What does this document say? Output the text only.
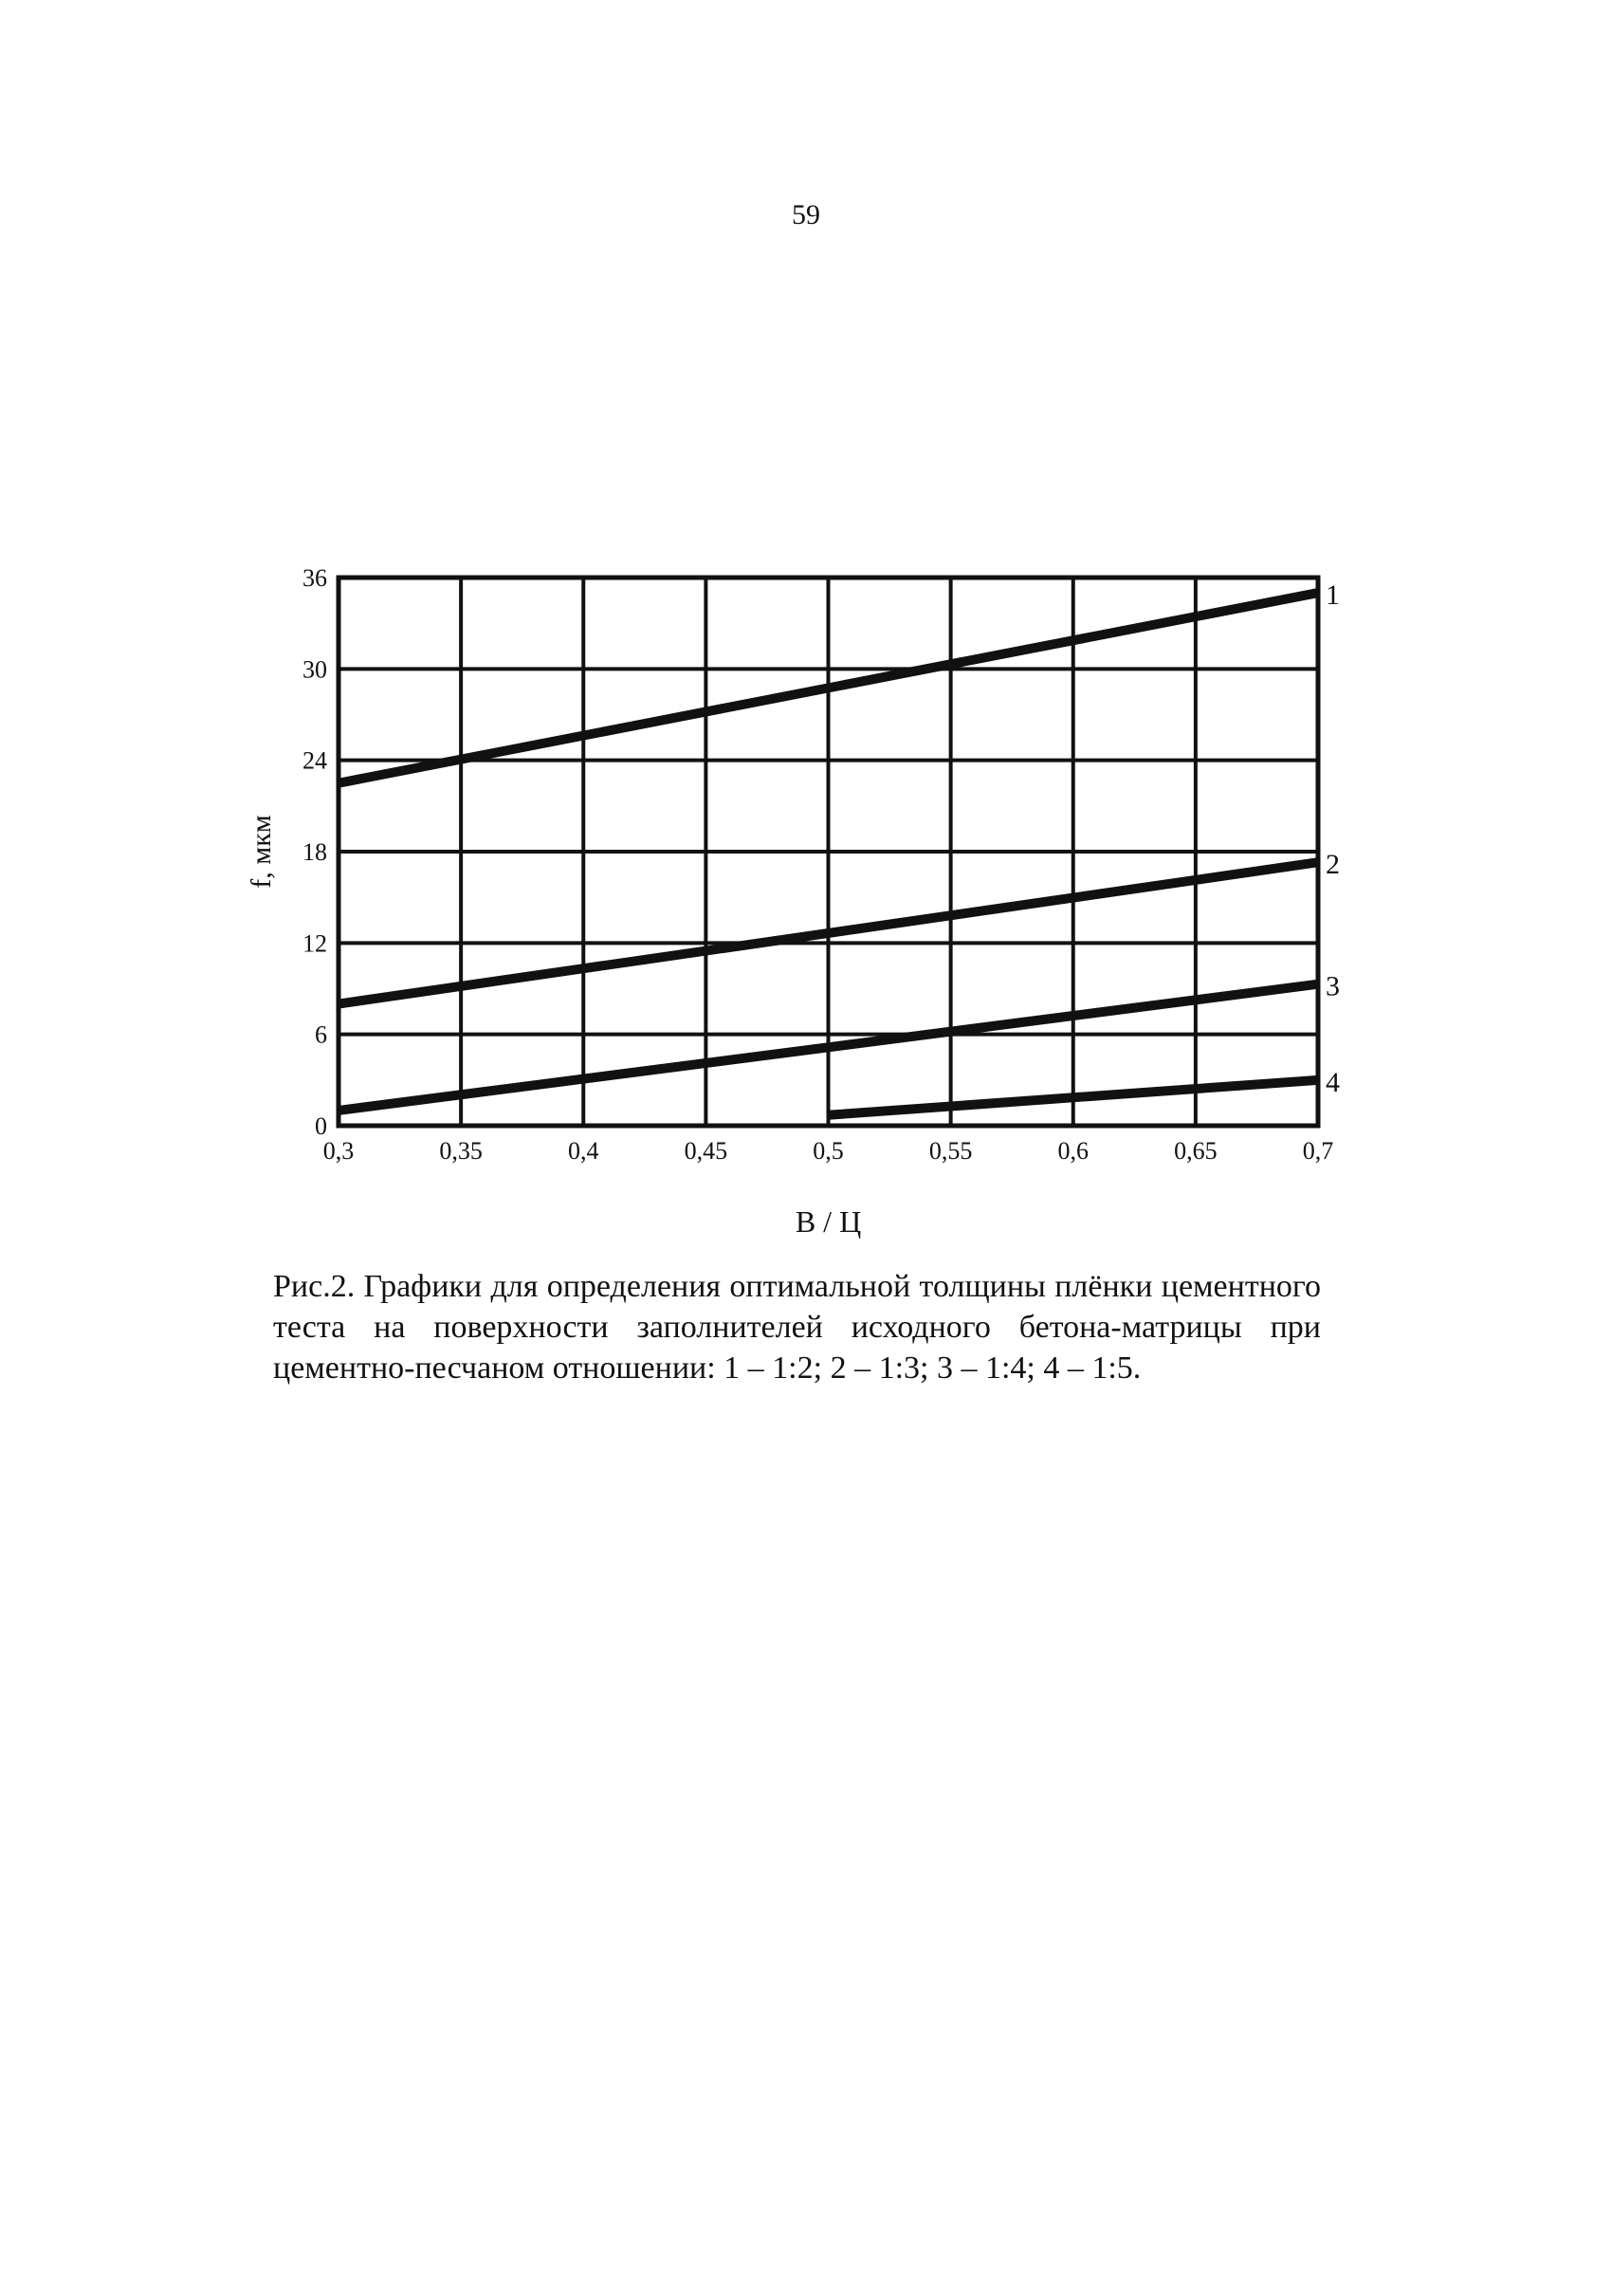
59
0,3	0,35	0,4	0,45	0,5	0,55	0,6	0,65	0,7
0
6
12
18
24
30
36
1
2
3
4
В / Ц
f, мкм
Рис.2. Графики для определения оптимальной толщины плёнки цементного теста на поверхности заполнителей исходного бетона-матрицы при цементно-песчаном отношении: 1 – 1:2; 2 – 1:3; 3 – 1:4; 4 – 1:5.
